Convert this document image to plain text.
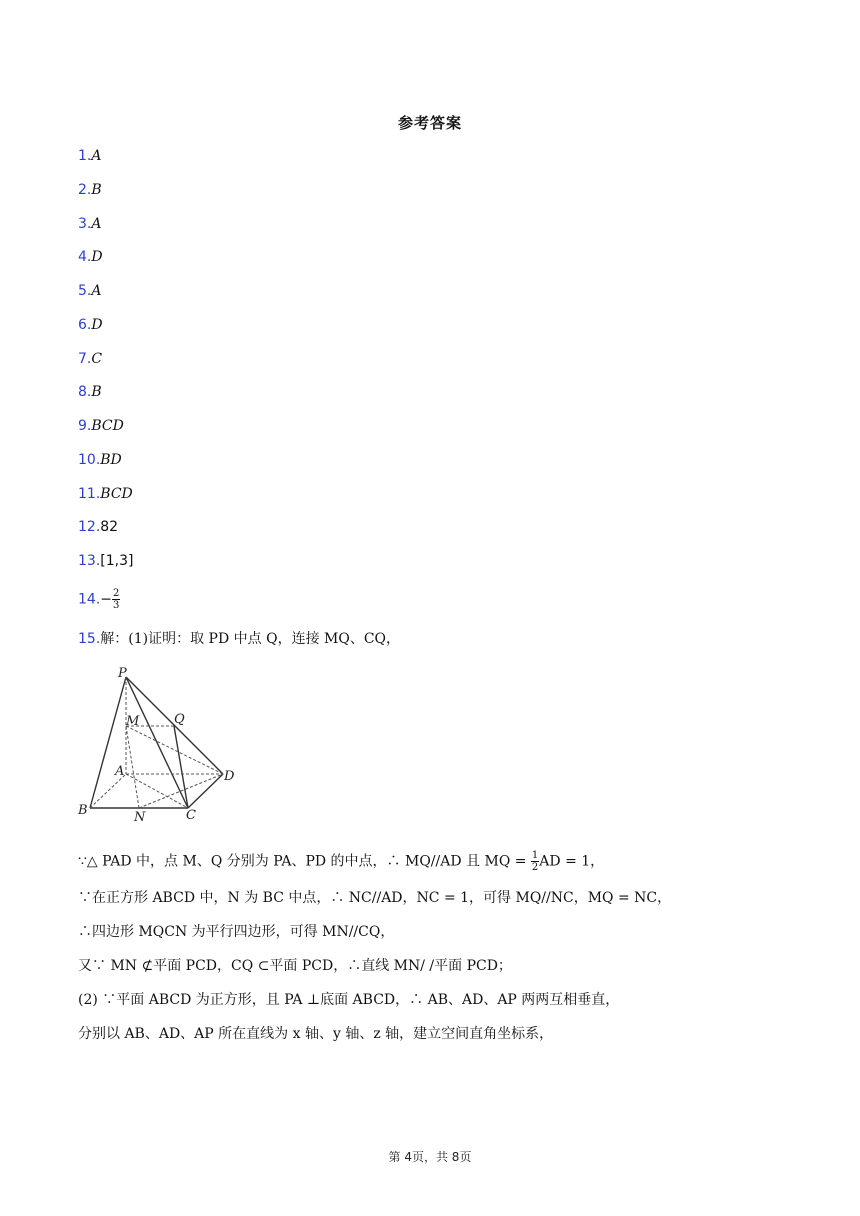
参考答案
1.A
2.B
3.A
4.D
5.A
6.D
7.C
8.B
9.BCD
10.BD
11.BCD
12.82
13.[1,3]
$14.- \frac{2}{3}$
15.解：(1)证明：取 PD 中点 Q，连接 MQ、CQ，
P
Q
M
A	D
B	N	C
∵△ PAD 中，点 M、Q 分别为 PA、PD 的中点，∴ MQ//AD 且 MQ = $\frac{1}{2}$ AD = 1，
∵在正方形 ABCD 中，N 为 BC 中点，∴ NC//AD，NC = 1，可得 MQ//NC，MQ = NC，
∴四边形 MQCN 为平行四边形，可得 MN//CQ，
又∵ MN ⊄平面 PCD，CQ ⊂平面 PCD，∴直线 MN/ /平面 PCD；
(2) ∵平面 ABCD 为正方形，且 PA ⊥底面 ABCD，∴ AB、AD、AP 两两互相垂直，
分别以 AB、AD、AP 所在直线为 x 轴、y 轴、z 轴，建立空间直角坐标系，
第 4页，共 8页
